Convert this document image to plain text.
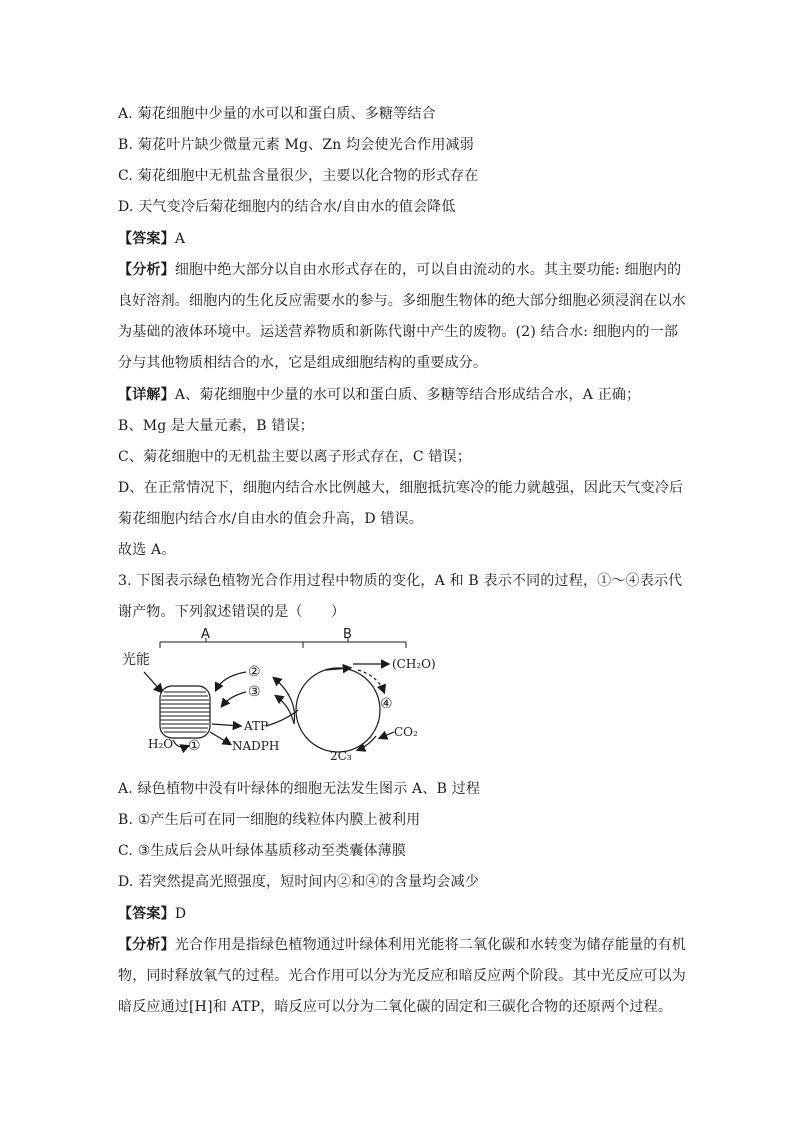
A. 菊花细胞中少量的水可以和蛋白质、多糖等结合
B. 菊花叶片缺少微量元素 Mg、Zn 均会使光合作用减弱
C. 菊花细胞中无机盐含量很少，主要以化合物的形式存在
D. 天气变冷后菊花细胞内的结合水/自由水的值会降低
【答案】A
【分析】细胞中绝大部分以自由水形式存在的，可以自由流动的水。其主要功能: 细胞内的
良好溶剂。细胞内的生化反应需要水的参与。多细胞生物体的绝大部分细胞必须浸润在以水
为基础的液体环境中。运送营养物质和新陈代谢中产生的废物。(2) 结合水: 细胞内的一部
分与其他物质相结合的水，它是组成细胞结构的重要成分。
【详解】A、菊花细胞中少量的水可以和蛋白质、多糖等结合形成结合水，A 正确；
B、Mg 是大量元素，B 错误；
C、菊花细胞中的无机盐主要以离子形式存在，C 错误；
D、在正常情况下，细胞内结合水比例越大，细胞抵抗寒冷的能力就越强，因此天气变冷后
菊花细胞内结合水/自由水的值会升高，D 错误。
故选 A。
3. 下图表示绿色植物光合作用过程中物质的变化，A 和 B 表示不同的过程，①～④表示代
谢产物。下列叙述错误的是（　　）
A	B
光能
H₂O ①
ATP
NADPH
②
③
(CH₂O)
④
CO₂
2C₃
A. 绿色植物中没有叶绿体的细胞无法发生图示 A、B 过程
B. ①产生后可在同一细胞的线粒体内膜上被利用
C. ③生成后会从叶绿体基质移动至类囊体薄膜
D. 若突然提高光照强度，短时间内②和④的含量均会减少
【答案】D
【分析】光合作用是指绿色植物通过叶绿体利用光能将二氧化碳和水转变为储存能量的有机
物，同时释放氧气的过程。光合作用可以分为光反应和暗反应两个阶段。其中光反应可以为
暗反应通过[H]和 ATP，暗反应可以分为二氧化碳的固定和三碳化合物的还原两个过程。
